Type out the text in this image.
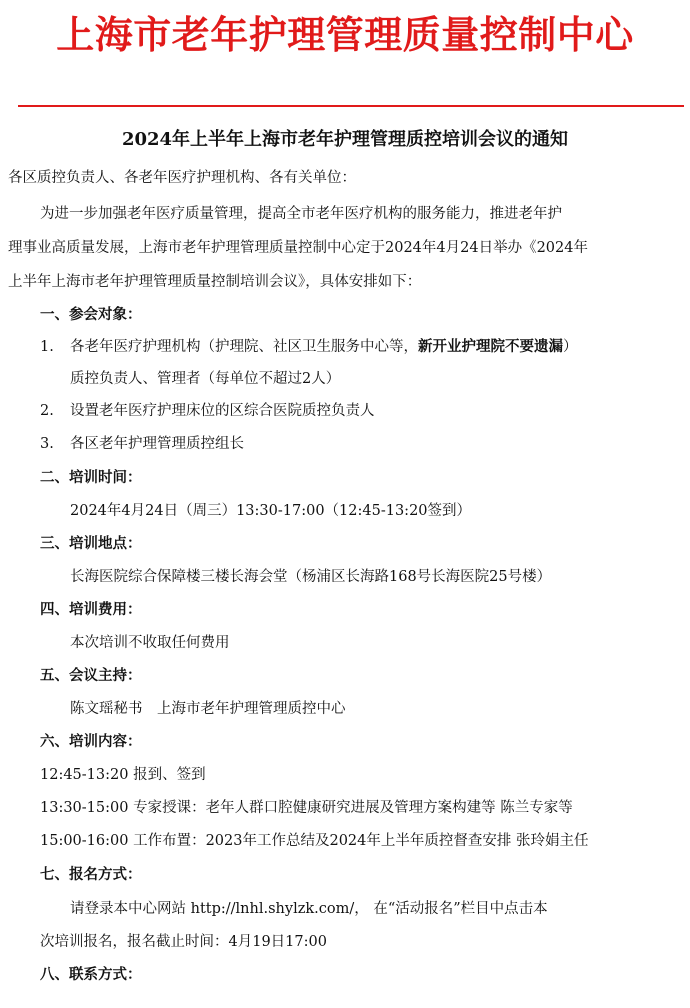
上海市老年护理管理质量控制中心
2024年上半年上海市老年护理管理质控培训会议的通知
各区质控负责人、各老年医疗护理机构、各有关单位：
为进一步加强老年医疗质量管理，提高全市老年医疗机构的服务能力，推进老年护
理事业高质量发展，上海市老年护理管理质量控制中心定于2024年4月24日举办《2024年
上半年上海市老年护理管理质量控制培训会议》，具体安排如下：
一、参会对象：
1. 各老年医疗护理机构（护理院、社区卫生服务中心等，新开业护理院不要遗漏）
质控负责人、管理者（每单位不超过2人）
2. 设置老年医疗护理床位的区综合医院质控负责人
3. 各区老年护理管理质控组长
二、培训时间：
2024年4月24日（周三）13:30-17:00（12:45-13:20签到）
三、培训地点：
长海医院综合保障楼三楼长海会堂（杨浦区长海路168号长海医院25号楼）
四、培训费用：
本次培训不收取任何费用
五、会议主持：
陈文瑶秘书　上海市老年护理管理质控中心
六、培训内容：
12:45-13:20 报到、签到
13:30-15:00 专家授课：老年人群口腔健康研究进展及管理方案构建等 陈兰专家等
15:00-16:00 工作布置：2023年工作总结及2024年上半年质控督查安排 张玲娟主任
七、报名方式：
请登录本中心网站 http://lnhl.shylzk.com/， 在“活动报名”栏目中点击本
次培训报名，报名截止时间：4月19日17:00
八、联系方式：
